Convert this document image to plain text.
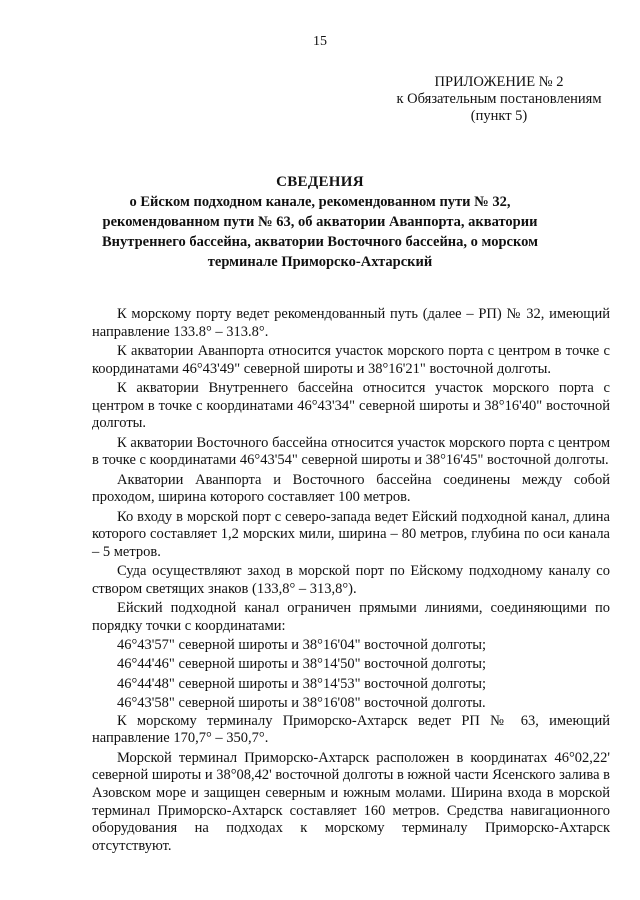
15
ПРИЛОЖЕНИЕ № 2
к Обязательным постановлениям
(пункт 5)
СВЕДЕНИЯ
о Ейском подходном канале, рекомендованном пути № 32,
рекомендованном пути № 63, об акватории Аванпорта, акватории
Внутреннего бассейна, акватории Восточного бассейна, о морском
терминале Приморско-Ахтарский

К морскому порту ведет рекомендованный путь (далее – РП) № 32, имеющий направление 133.8° – 313.8°.

К акватории Аванпорта относится участок морского порта с центром в точке с координатами 46°43'49" северной широты и 38°16'21" восточной долготы.

К акватории Внутреннего бассейна относится участок морского порта с центром в точке с координатами 46°43'34" северной широты и 38°16'40" восточной долготы.

К акватории Восточного бассейна относится участок морского порта с центром в точке с координатами 46°43'54" северной широты и 38°16'45" восточной долготы.

Акватории Аванпорта и Восточного бассейна соединены между собой проходом, ширина которого составляет 100 метров.

Ко входу в морской порт с северо-запада ведет Ейский подходной канал, длина которого составляет 1,2 морских мили, ширина – 80 метров, глубина по оси канала – 5 метров.

Суда осуществляют заход в морской порт по Ейскому подходному каналу со створом светящих знаков (133,8° – 313,8°).

Ейский подходной канал ограничен прямыми линиями, соединяющими по порядку точки с координатами:

46°43'57" северной широты и 38°16'04" восточной долготы;

46°44'46" северной широты и 38°14'50" восточной долготы;

46°44'48" северной широты и 38°14'53" восточной долготы;

46°43'58" северной широты и 38°16'08" восточной долготы.

К морскому терминалу Приморско-Ахтарск ведет РП № 63, имеющий направление 170,7° – 350,7°.

Морской терминал Приморско-Ахтарск расположен в координатах 46°02,22' северной широты и 38°08,42' восточной долготы в южной части Ясенского залива в Азовском море и защищен северным и южным молами. Ширина входа в морской терминал Приморско-Ахтарск составляет 160 метров. Средства навигационного оборудования на подходах к морскому терминалу Приморско-Ахтарск отсутствуют.
